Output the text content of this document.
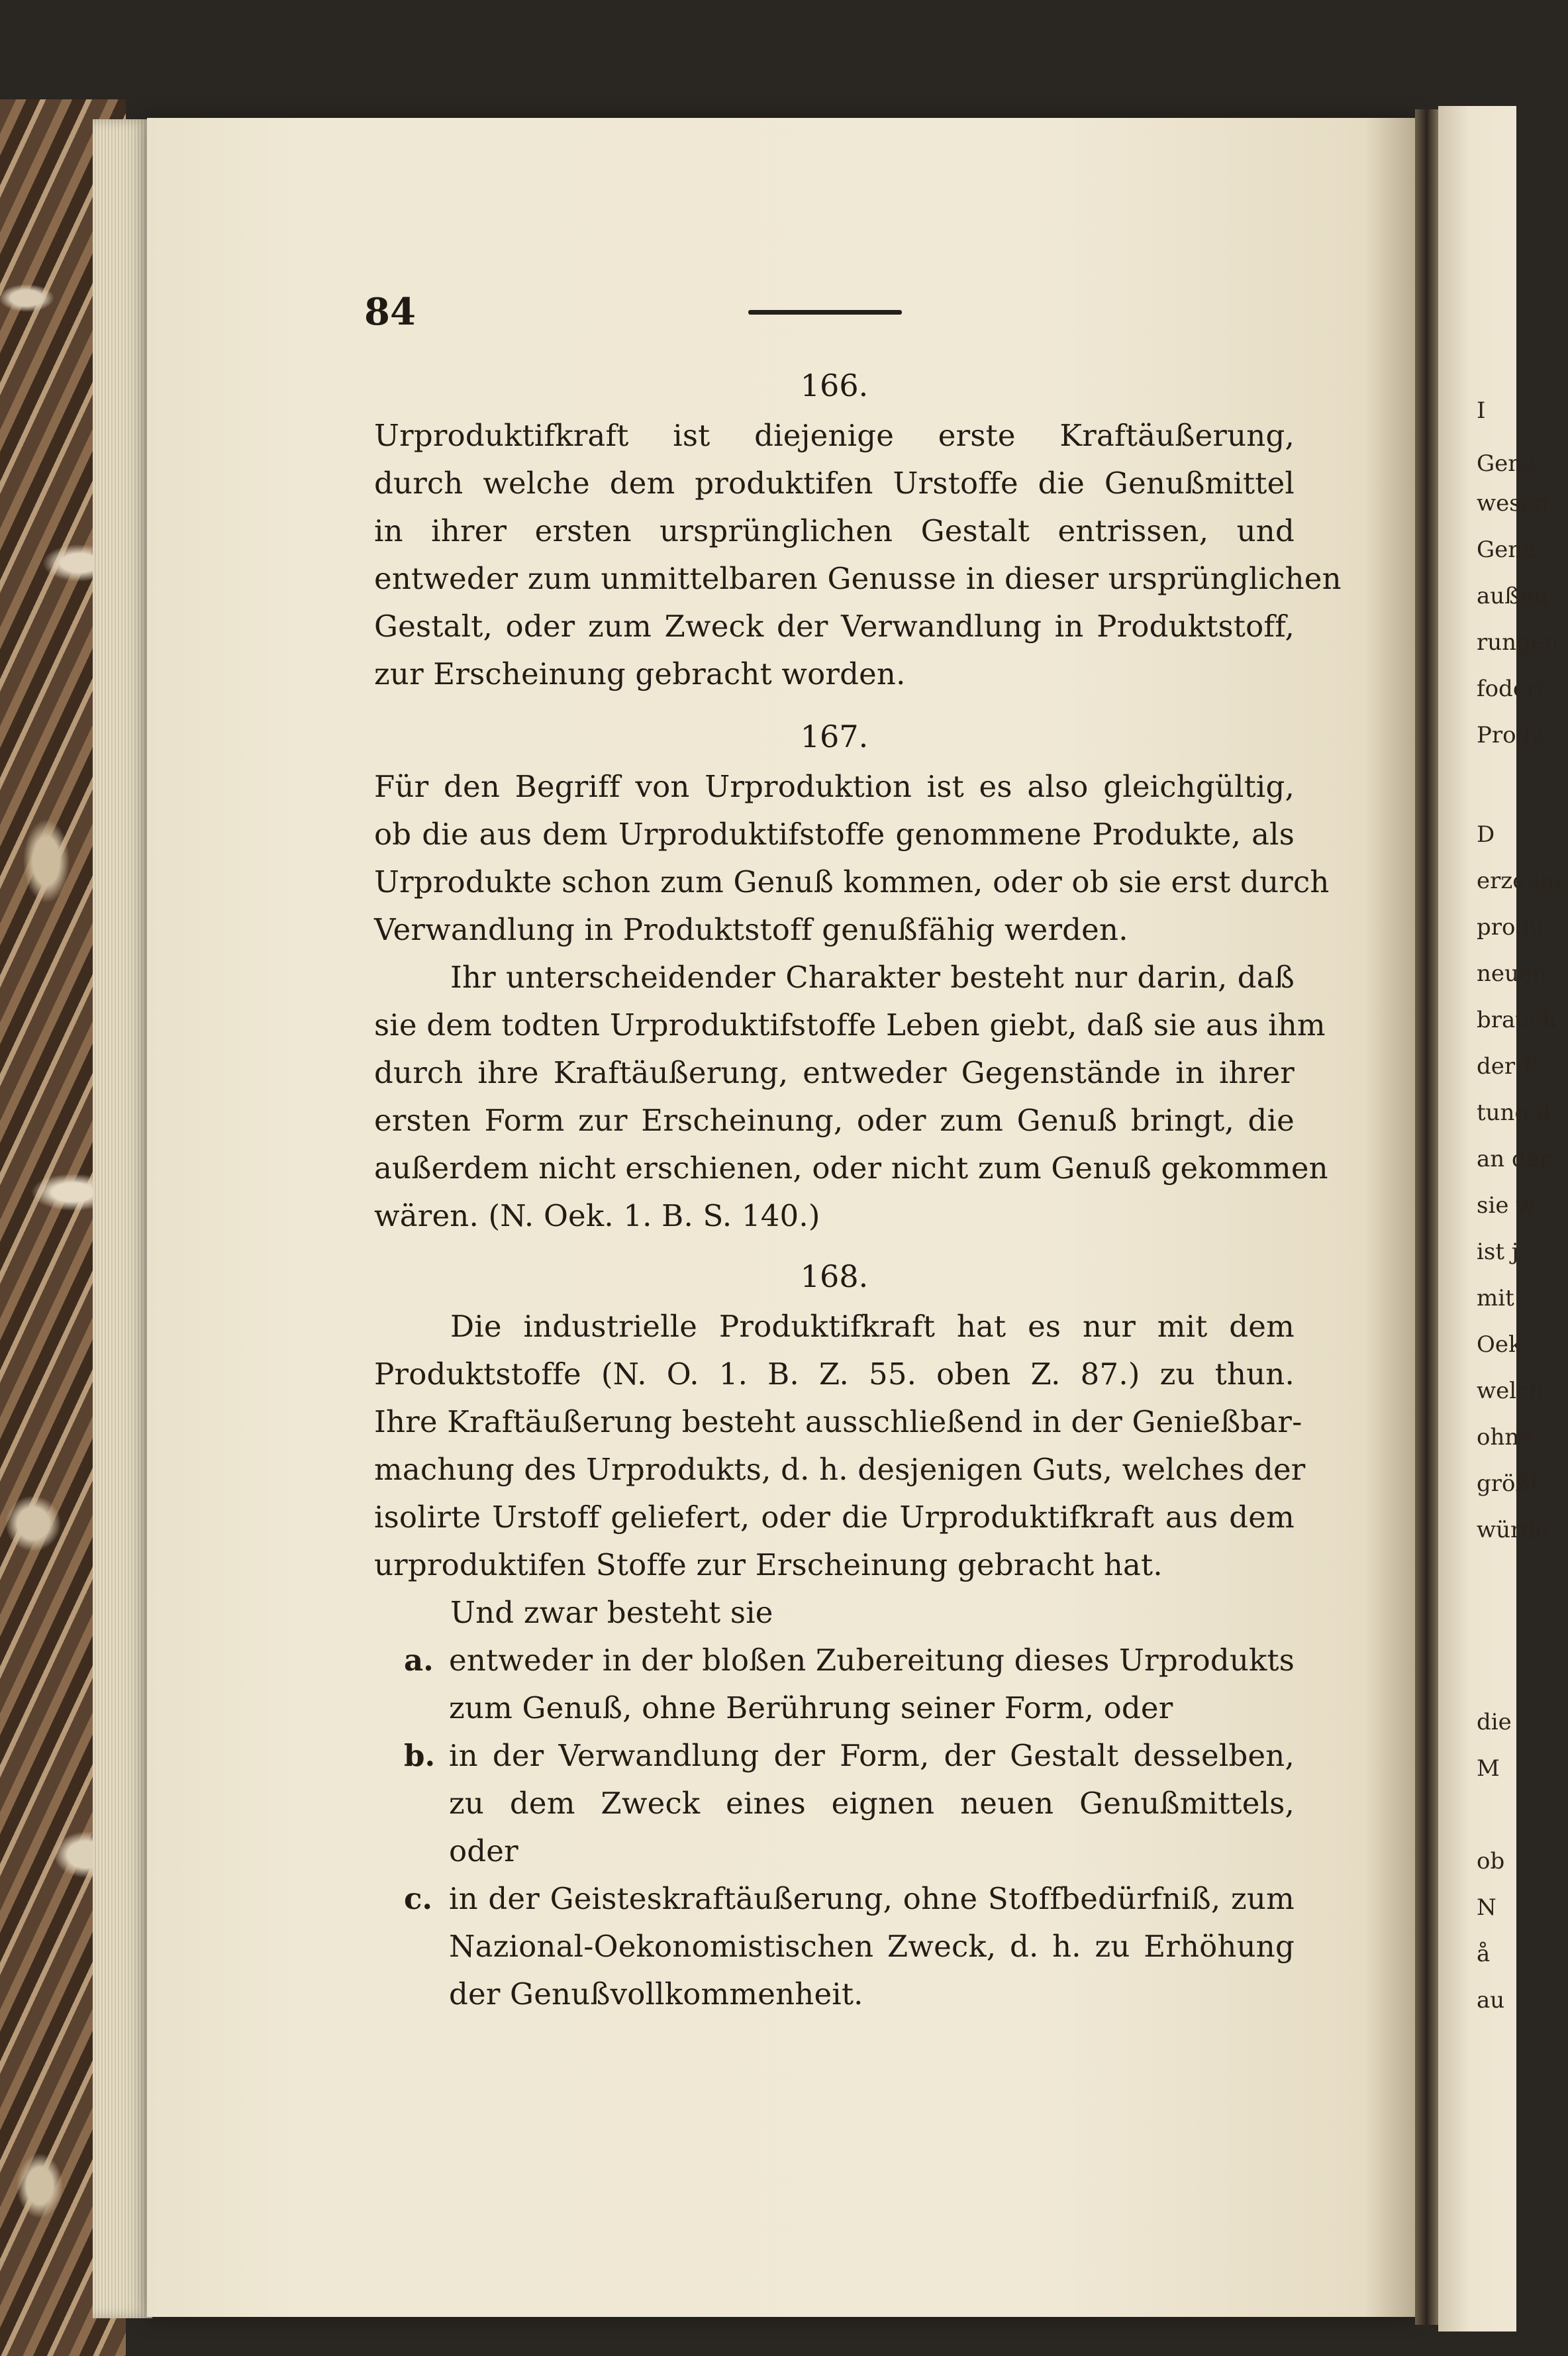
I
Genu
wesen
Genü
außmi
rungen
fodert
Produ
D
erzeuge
produ
neuen
brauch
der P
tung d
an der
sie w
ist j
mit
Oek
welch
ohne
größt
würde
die
M
ob
N
å
au
84
166.
Urproduktifkraft ist diejenige erste Kraftäußerung,
durch welche dem produktifen Urstoffe die Genußmittel
in ihrer ersten ursprünglichen Gestalt entrissen, und
entweder zum unmittelbaren Genusse in dieser ursprünglichen
Gestalt, oder zum Zweck der Verwandlung in Produktstoff,
zur Erscheinung gebracht worden.
167.
Für den Begriff von Urproduktion ist es also gleichgültig,
ob die aus dem Urproduktifstoffe genommene Produkte, als
Urprodukte schon zum Genuß kommen, oder ob sie erst durch
Verwandlung in Produktstoff genußfähig werden.
Ihr unterscheidender Charakter besteht nur darin, daß
sie dem todten Urproduktifstoffe Leben giebt, daß sie aus ihm
durch ihre Kraftäußerung, entweder Gegenstände in ihrer
ersten Form zur Erscheinung, oder zum Genuß bringt, die
außerdem nicht erschienen, oder nicht zum Genuß gekommen
wären. (N. Oek. 1. B. S. 140.)
168.
Die industrielle Produktifkraft hat es nur mit dem
Produktstoffe (N. O. 1. B. Z. 55. oben Z. 87.) zu thun.
Ihre Kraftäußerung besteht ausschließend in der Genießbar-
machung des Urprodukts, d. h. desjenigen Guts, welches der
isolirte Urstoff geliefert, oder die Urproduktifkraft aus dem
urproduktifen Stoffe zur Erscheinung gebracht hat.
Und zwar besteht sie
a. entweder in der bloßen Zubereitung dieses Urprodukts
zum Genuß, ohne Berührung seiner Form, oder
b. in der Verwandlung der Form, der Gestalt desselben,
zu dem Zweck eines eignen neuen Genußmittels,
oder
c. in der Geisteskraftäußerung, ohne Stoffbedürfniß, zum
Nazional-Oekonomistischen Zweck, d. h. zu Erhöhung
der Genußvollkommenheit.
